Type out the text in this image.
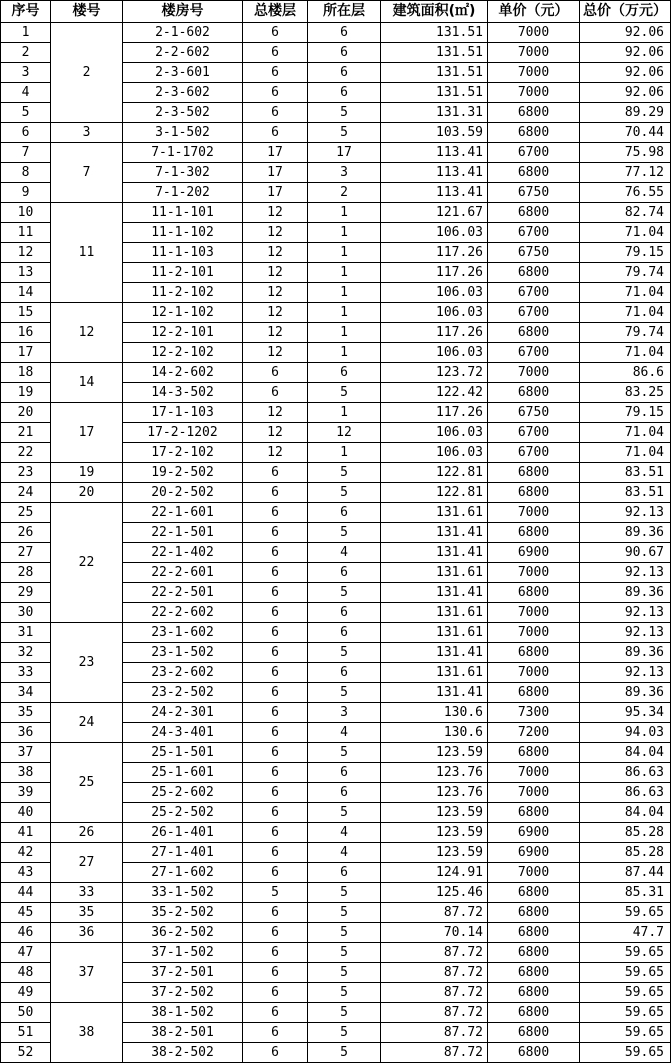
序号	楼号	楼房号	总楼层	所在层	建筑面积(㎡)	单价（元）	总价（万元）
1	2	2-1-602	6	6	131.51	7000	92.06
2		2-2-602	6	6	131.51	7000	92.06
3		2-3-601	6	6	131.51	7000	92.06
4		2-3-602	6	6	131.51	7000	92.06
5		2-3-502	6	5	131.31	6800	89.29
6	3	3-1-502	6	5	103.59	6800	70.44
7	7	7-1-1702	17	17	113.41	6700	75.98
8		7-1-302	17	3	113.41	6800	77.12
9		7-1-202	17	2	113.41	6750	76.55
10	11	11-1-101	12	1	121.67	6800	82.74
11		11-1-102	12	1	106.03	6700	71.04
12		11-1-103	12	1	117.26	6750	79.15
13		11-2-101	12	1	117.26	6800	79.74
14		11-2-102	12	1	106.03	6700	71.04
15	12	12-1-102	12	1	106.03	6700	71.04
16		12-2-101	12	1	117.26	6800	79.74
17		12-2-102	12	1	106.03	6700	71.04
18	14	14-2-602	6	6	123.72	7000	86.6
19		14-3-502	6	5	122.42	6800	83.25
20	17	17-1-103	12	1	117.26	6750	79.15
21		17-2-1202	12	12	106.03	6700	71.04
22		17-2-102	12	1	106.03	6700	71.04
23	19	19-2-502	6	5	122.81	6800	83.51
24	20	20-2-502	6	5	122.81	6800	83.51
25	22	22-1-601	6	6	131.61	7000	92.13
26		22-1-501	6	5	131.41	6800	89.36
27		22-1-402	6	4	131.41	6900	90.67
28		22-2-601	6	6	131.61	7000	92.13
29		22-2-501	6	5	131.41	6800	89.36
30		22-2-602	6	6	131.61	7000	92.13
31	23	23-1-602	6	6	131.61	7000	92.13
32		23-1-502	6	5	131.41	6800	89.36
33		23-2-602	6	6	131.61	7000	92.13
34		23-2-502	6	5	131.41	6800	89.36
35	24	24-2-301	6	3	130.6	7300	95.34
36		24-3-401	6	4	130.6	7200	94.03
37	25	25-1-501	6	5	123.59	6800	84.04
38		25-1-601	6	6	123.76	7000	86.63
39		25-2-602	6	6	123.76	7000	86.63
40		25-2-502	6	5	123.59	6800	84.04
41	26	26-1-401	6	4	123.59	6900	85.28
42	27	27-1-401	6	4	123.59	6900	85.28
43		27-1-602	6	6	124.91	7000	87.44
44	33	33-1-502	5	5	125.46	6800	85.31
45	35	35-2-502	6	5	87.72	6800	59.65
46	36	36-2-502	6	5	70.14	6800	47.7
47	37	37-1-502	6	5	87.72	6800	59.65
48		37-2-501	6	5	87.72	6800	59.65
49		37-2-502	6	5	87.72	6800	59.65
50	38	38-1-502	6	5	87.72	6800	59.65
51		38-2-501	6	5	87.72	6800	59.65
52		38-2-502	6	5	87.72	6800	59.65
